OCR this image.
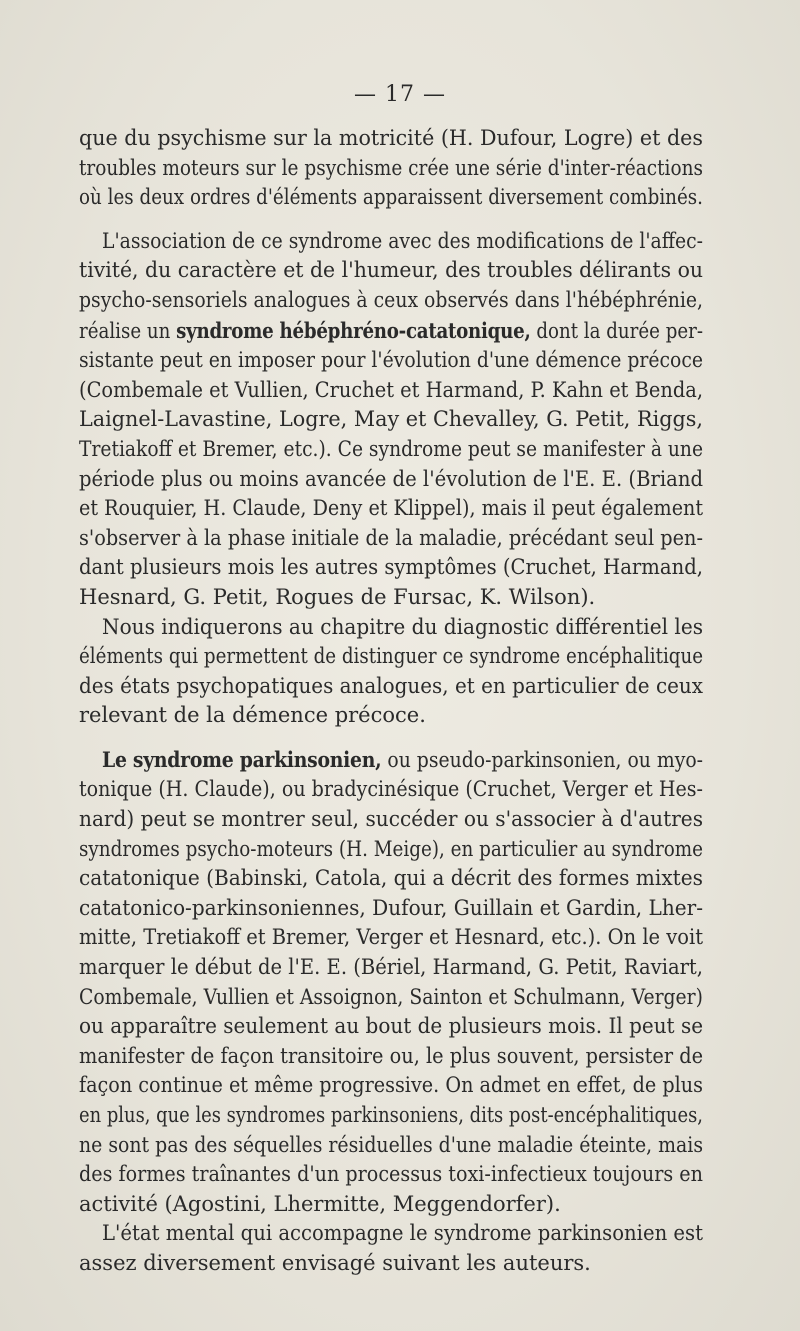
— 17 —

que du psychisme sur la motricité (H. Dufour, Logre) et des
troubles moteurs sur le psychisme crée une série d'inter-réactions
où les deux ordres d'éléments apparaissent diversement combinés.

L'association de ce syndrome avec des modifications de l'affec-
tivité, du caractère et de l'humeur, des troubles délirants ou
psycho-sensoriels analogues à ceux observés dans l'hébéphrénie,
réalise un syndrome hébéphréno-catatonique, dont la durée per-
sistante peut en imposer pour l'évolution d'une démence précoce
(Combemale et Vullien, Cruchet et Harmand, P. Kahn et Benda,
Laignel-Lavastine, Logre, May et Chevalley, G. Petit, Riggs,
Tretiakoff et Bremer, etc.). Ce syndrome peut se manifester à une
période plus ou moins avancée de l'évolution de l'E. E. (Briand
et Rouquier, H. Claude, Deny et Klippel), mais il peut également
s'observer à la phase initiale de la maladie, précédant seul pen-
dant plusieurs mois les autres symptômes (Cruchet, Harmand,
Hesnard, G. Petit, Rogues de Fursac, K. Wilson).

Nous indiquerons au chapitre du diagnostic différentiel les
éléments qui permettent de distinguer ce syndrome encéphalitique
des états psychopatiques analogues, et en particulier de ceux
relevant de la démence précoce.

Le syndrome parkinsonien, ou pseudo-parkinsonien, ou myo-
tonique (H. Claude), ou bradycinésique (Cruchet, Verger et Hes-
nard) peut se montrer seul, succéder ou s'associer à d'autres
syndromes psycho-moteurs (H. Meige), en particulier au syndrome
catatonique (Babinski, Catola, qui a décrit des formes mixtes
catatonico-parkinsoniennes, Dufour, Guillain et Gardin, Lher-
mitte, Tretiakoff et Bremer, Verger et Hesnard, etc.). On le voit
marquer le début de l'E. E. (Bériel, Harmand, G. Petit, Raviart,
Combemale, Vullien et Assoignon, Sainton et Schulmann, Verger)
ou apparaître seulement au bout de plusieurs mois. Il peut se
manifester de façon transitoire ou, le plus souvent, persister de
façon continue et même progressive. On admet en effet, de plus
en plus, que les syndromes parkinsoniens, dits post-encéphalitiques,
ne sont pas des séquelles résiduelles d'une maladie éteinte, mais
des formes traînantes d'un processus toxi-infectieux toujours en
activité (Agostini, Lhermitte, Meggendorfer).

L'état mental qui accompagne le syndrome parkinsonien est
assez diversement envisagé suivant les auteurs.
